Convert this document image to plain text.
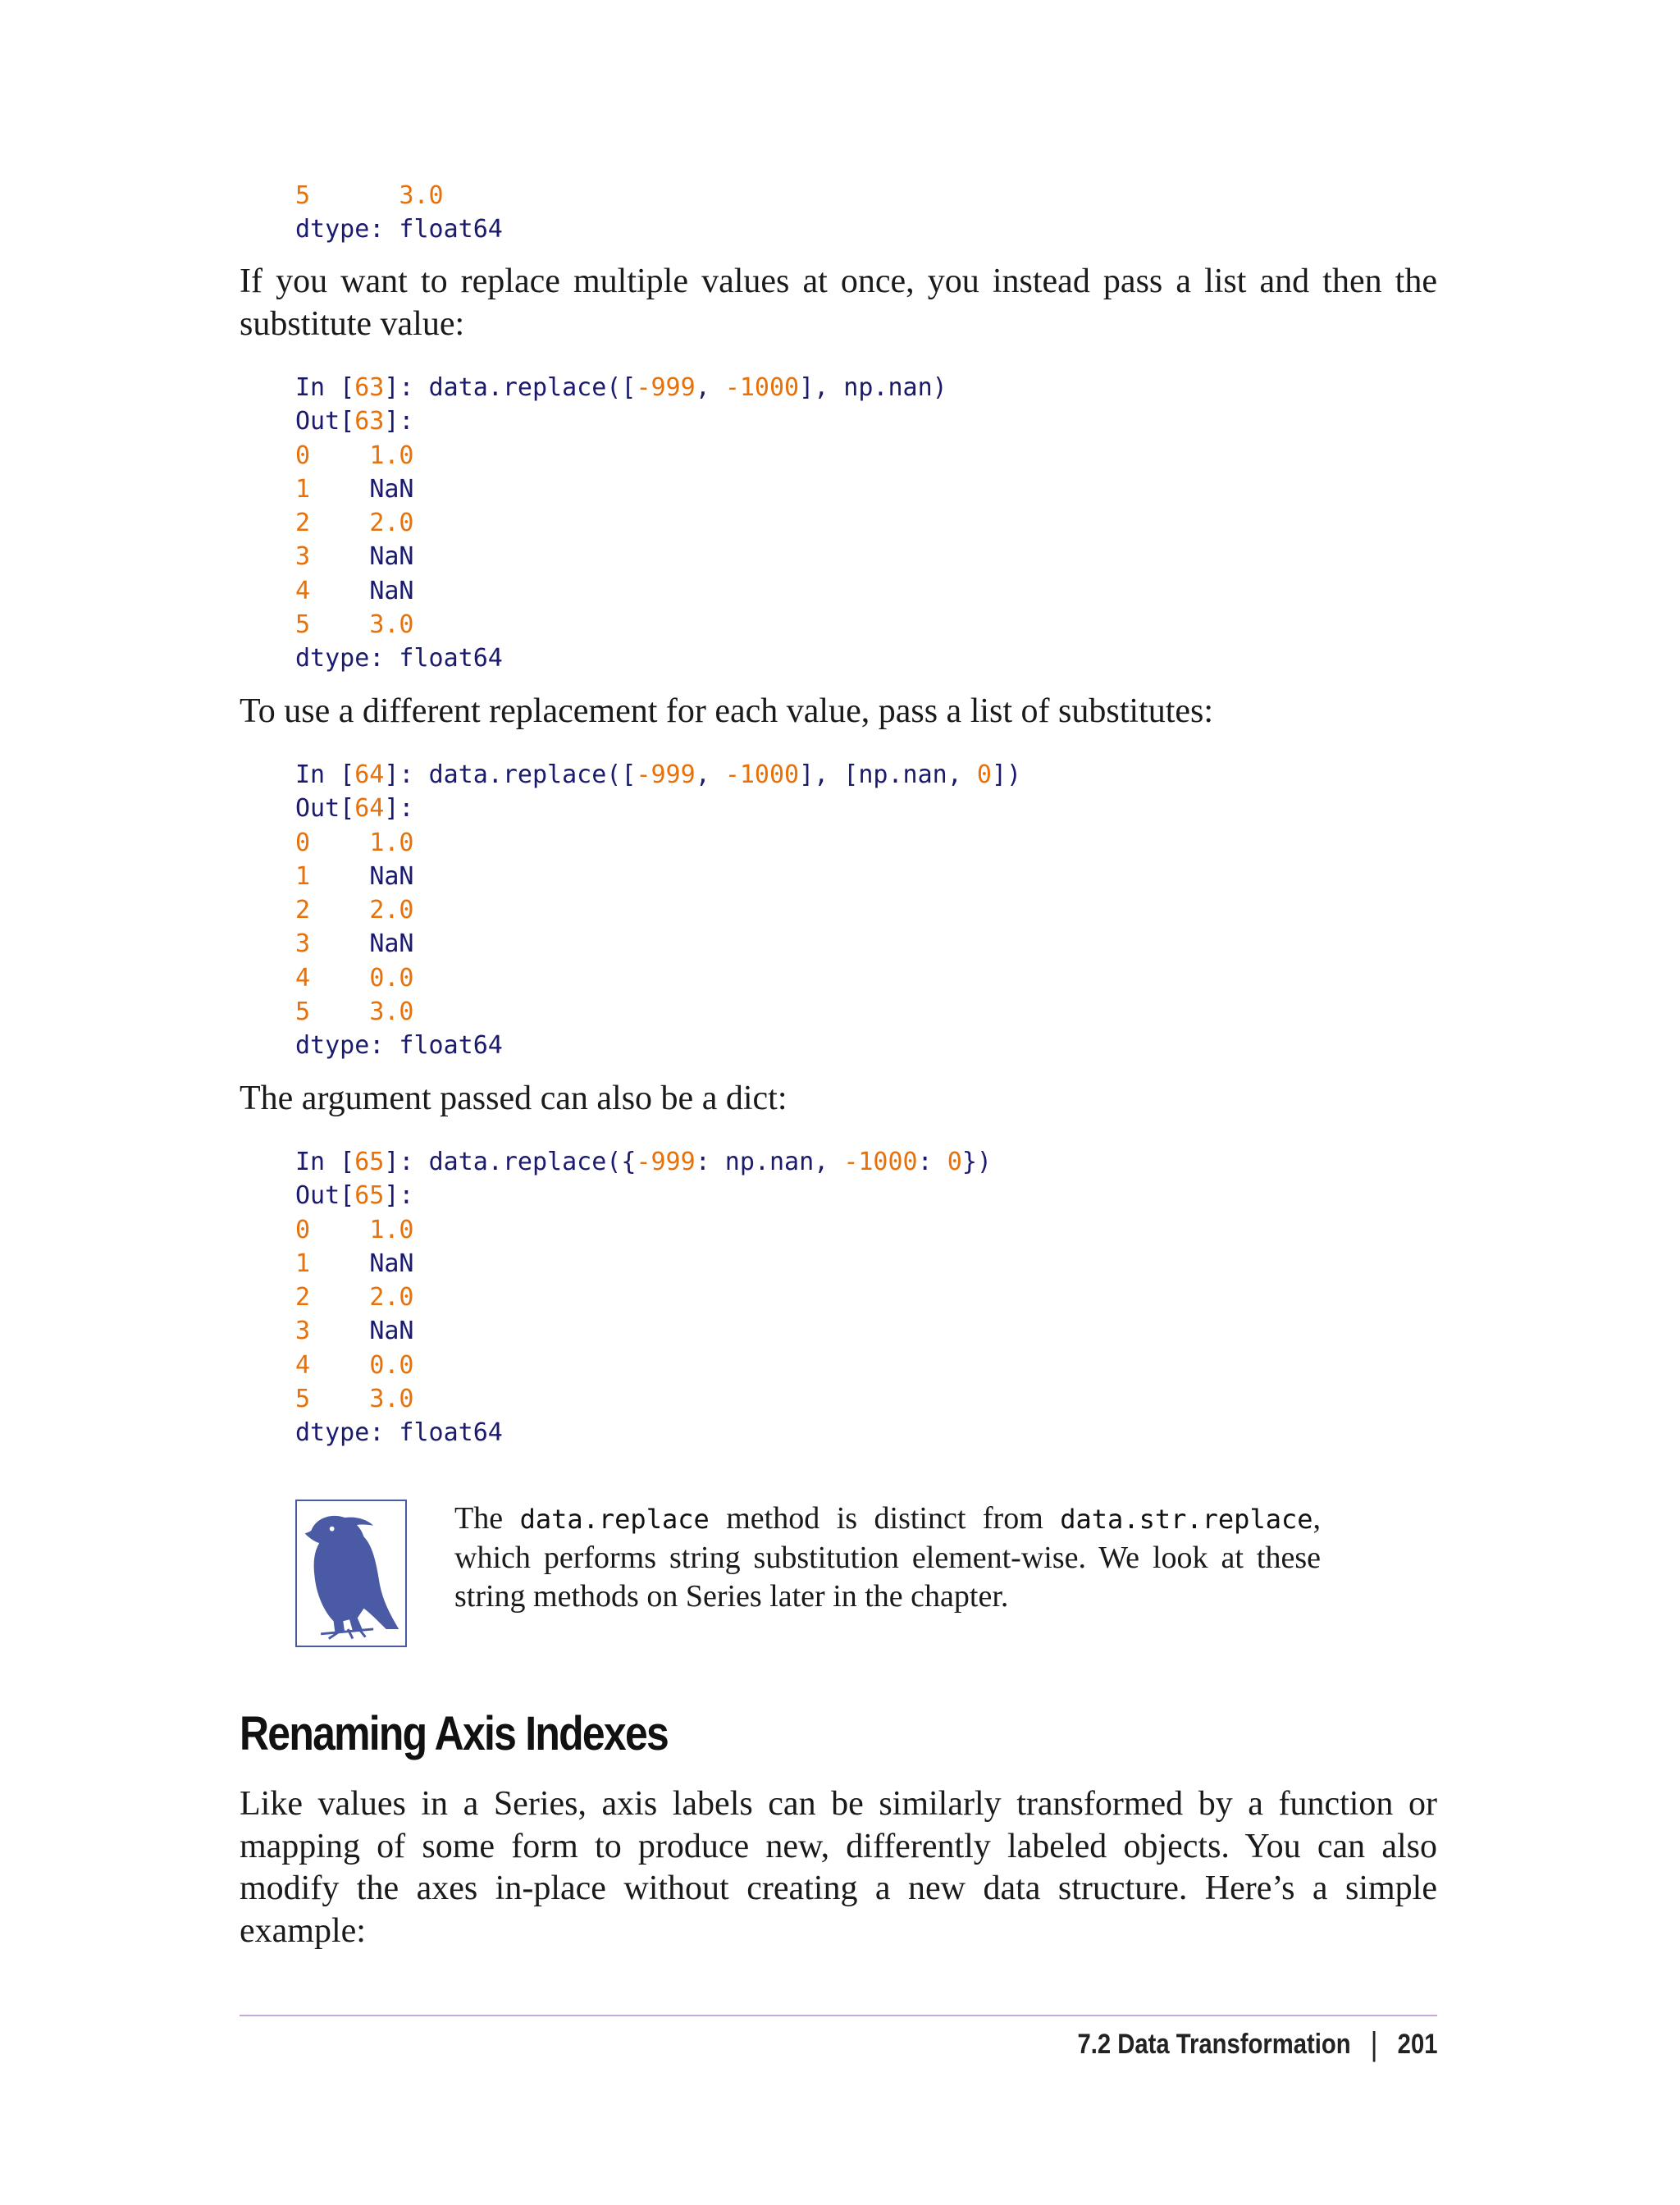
5	3.0
dtype: float64

If you want to replace multiple values at once, you instead pass a list and then the substitute value:

In [63]: data.replace([-999, -1000], np.nan)
Out[63]:
0 1.0
1 NaN
2 2.0
3 NaN
4 NaN
5 3.0
dtype: float64

To use a different replacement for each value, pass a list of substitutes:

In [64]: data.replace([-999, -1000], [np.nan, 0])
Out[64]:
0 1.0
1 NaN
2 2.0
3 NaN
4 0.0
5 3.0
dtype: float64

The argument passed can also be a dict:

In [65]: data.replace({-999: np.nan, -1000: 0})
Out[65]:
0 1.0
1 NaN
2 2.0
3 NaN
4 0.0
5 3.0
dtype: float64

The data.replace method is distinct from data.str.replace, which performs string substitution element-wise. We look at these string methods on Series later in the chapter.

Renaming Axis Indexes

Like values in a Series, axis labels can be similarly transformed by a function or mapping of some form to produce new, differently labeled objects. You can also modify the axes in-place without creating a new data structure. Here’s a simple example:

7.2 Data Transformation | 201
